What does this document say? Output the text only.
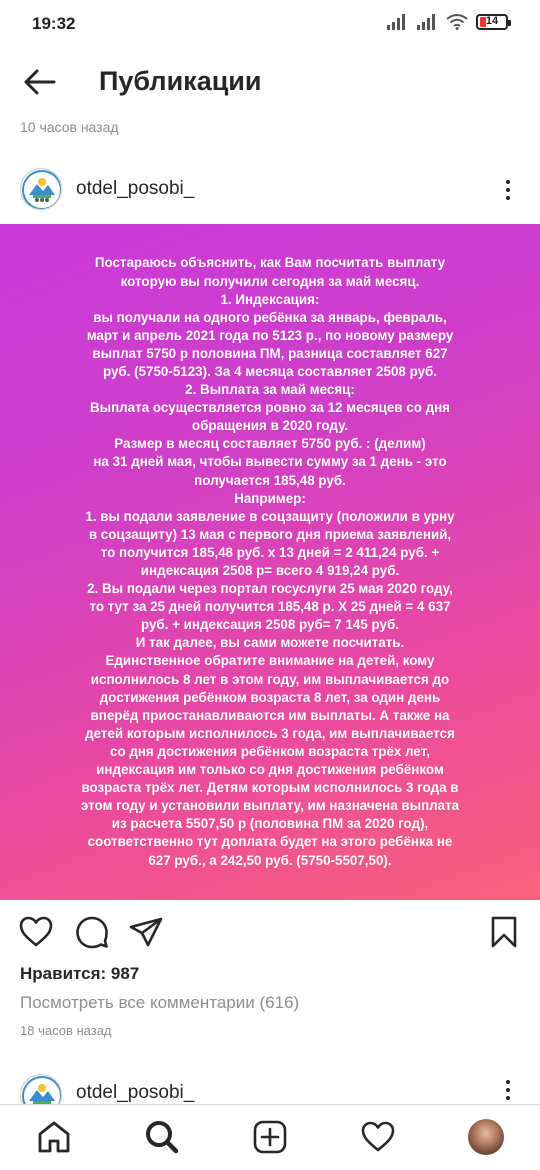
19:32	14
Публикации
10 часов назад
otdel_posobi_

Постараюсь объяснить, как Вам посчитать выплату
которую вы получили сегодня за май месяц.
1. Индексация:
вы получали на одного ребёнка за январь, февраль,
март и апрель 2021 года по 5123 р., по новому размеру
выплат 5750 р половина ПМ, разница составляет 627
руб. (5750-5123). За 4 месяца составляет 2508 руб.
2. Выплата за май месяц:
Выплата осуществляется ровно за 12 месяцев со дня
обращения в 2020 году.
Размер в месяц составляет 5750 руб. : (делим)
на 31 дней мая, чтобы вывести сумму за 1 день - это
получается 185,48 руб.
Например:
1. вы подали заявление в соцзащиту (положили в урну
в соцзащиту) 13 мая с первого дня приема заявлений,
то получится 185,48 руб. х 13 дней = 2 411,24 руб. +
индексация 2508 р= всего 4 919,24 руб.
2. Вы подали через портал госуслуги 25 мая 2020 году,
то тут за 25 дней получится 185,48 р. Х 25 дней = 4 637
руб. + индексация 2508 руб= 7 145 руб.
И так далее, вы сами можете посчитать.
Единственное обратите внимание на детей, кому
исполнилось 8 лет в этом году, им выплачивается до
достижения ребёнком возраста 8 лет, за один день
вперёд приостанавливаются им выплаты. А также на
детей которым исполнилось 3 года, им выплачивается
со дня достижения ребёнком возраста трёх лет,
индексация им только со дня достижения ребёнком
возраста трёх лет. Детям которым исполнилось 3 года в
этом году и установили выплату, им назначена выплата
из расчета 5507,50 р (половина ПМ за 2020 год),
соответственно тут доплата будет на этого ребёнка не
627 руб., а 242,50 руб. (5750-5507,50).

Нравится: 987
Посмотреть все комментарии (616)
18 часов назад
otdel_posobi_
